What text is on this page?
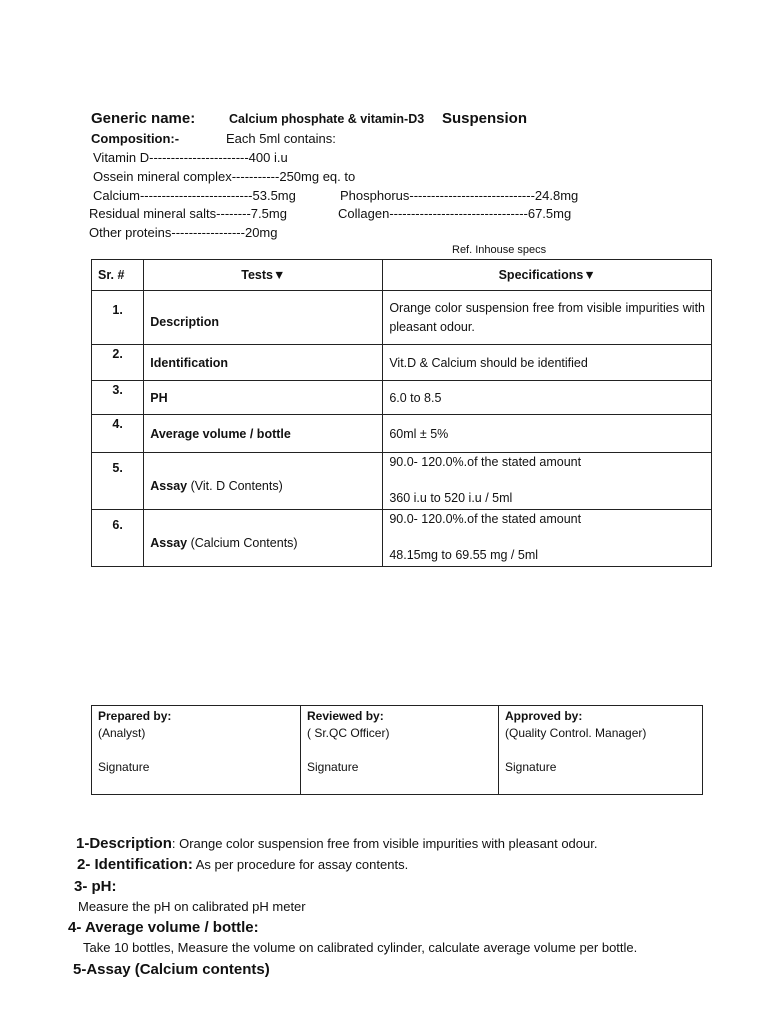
Generic name:	Calcium phosphate & vitamin-D3 Suspension
Composition:-	Each 5ml contains:
Vitamin D-----------------------400 i.u
Ossein mineral complex-----------250mg eq. to
Calcium--------------------------53.5mg	Phosphorus-----------------------------24.8mg
Residual mineral salts--------7.5mg	Collagen--------------------------------67.5mg
Other proteins-----------------20mg
Ref. Inhouse specs
Sr. #	Tests▼	Specifications▼
1.	Description	Orange color suspension free from visible impurities with pleasant odour.
2.	Identification	Vit.D & Calcium should be identified
3.	PH	6.0 to 8.5
4.	Average volume / bottle	60ml ± 5%
5.	Assay (Vit. D Contents)	90.0- 120.0%.of the stated amount
360 i.u to 520 i.u / 5ml

6.	Assay (Calcium Contents)	90.0- 120.0%.of the stated amount
48.15mg to 69.55 mg / 5ml
Prepared by:
(Analyst)
Signature

Reviewed by:
( Sr.QC Officer)
Signature

Approved by:
(Quality Control. Manager)
Signature
1-Description: Orange color suspension free from visible impurities with pleasant odour.
2- Identification: As per procedure for assay contents.
3- pH:
Measure the pH on calibrated pH meter
4- Average volume / bottle:
Take 10 bottles, Measure the volume on calibrated cylinder, calculate average volume per bottle.
5-Assay (Calcium contents)
